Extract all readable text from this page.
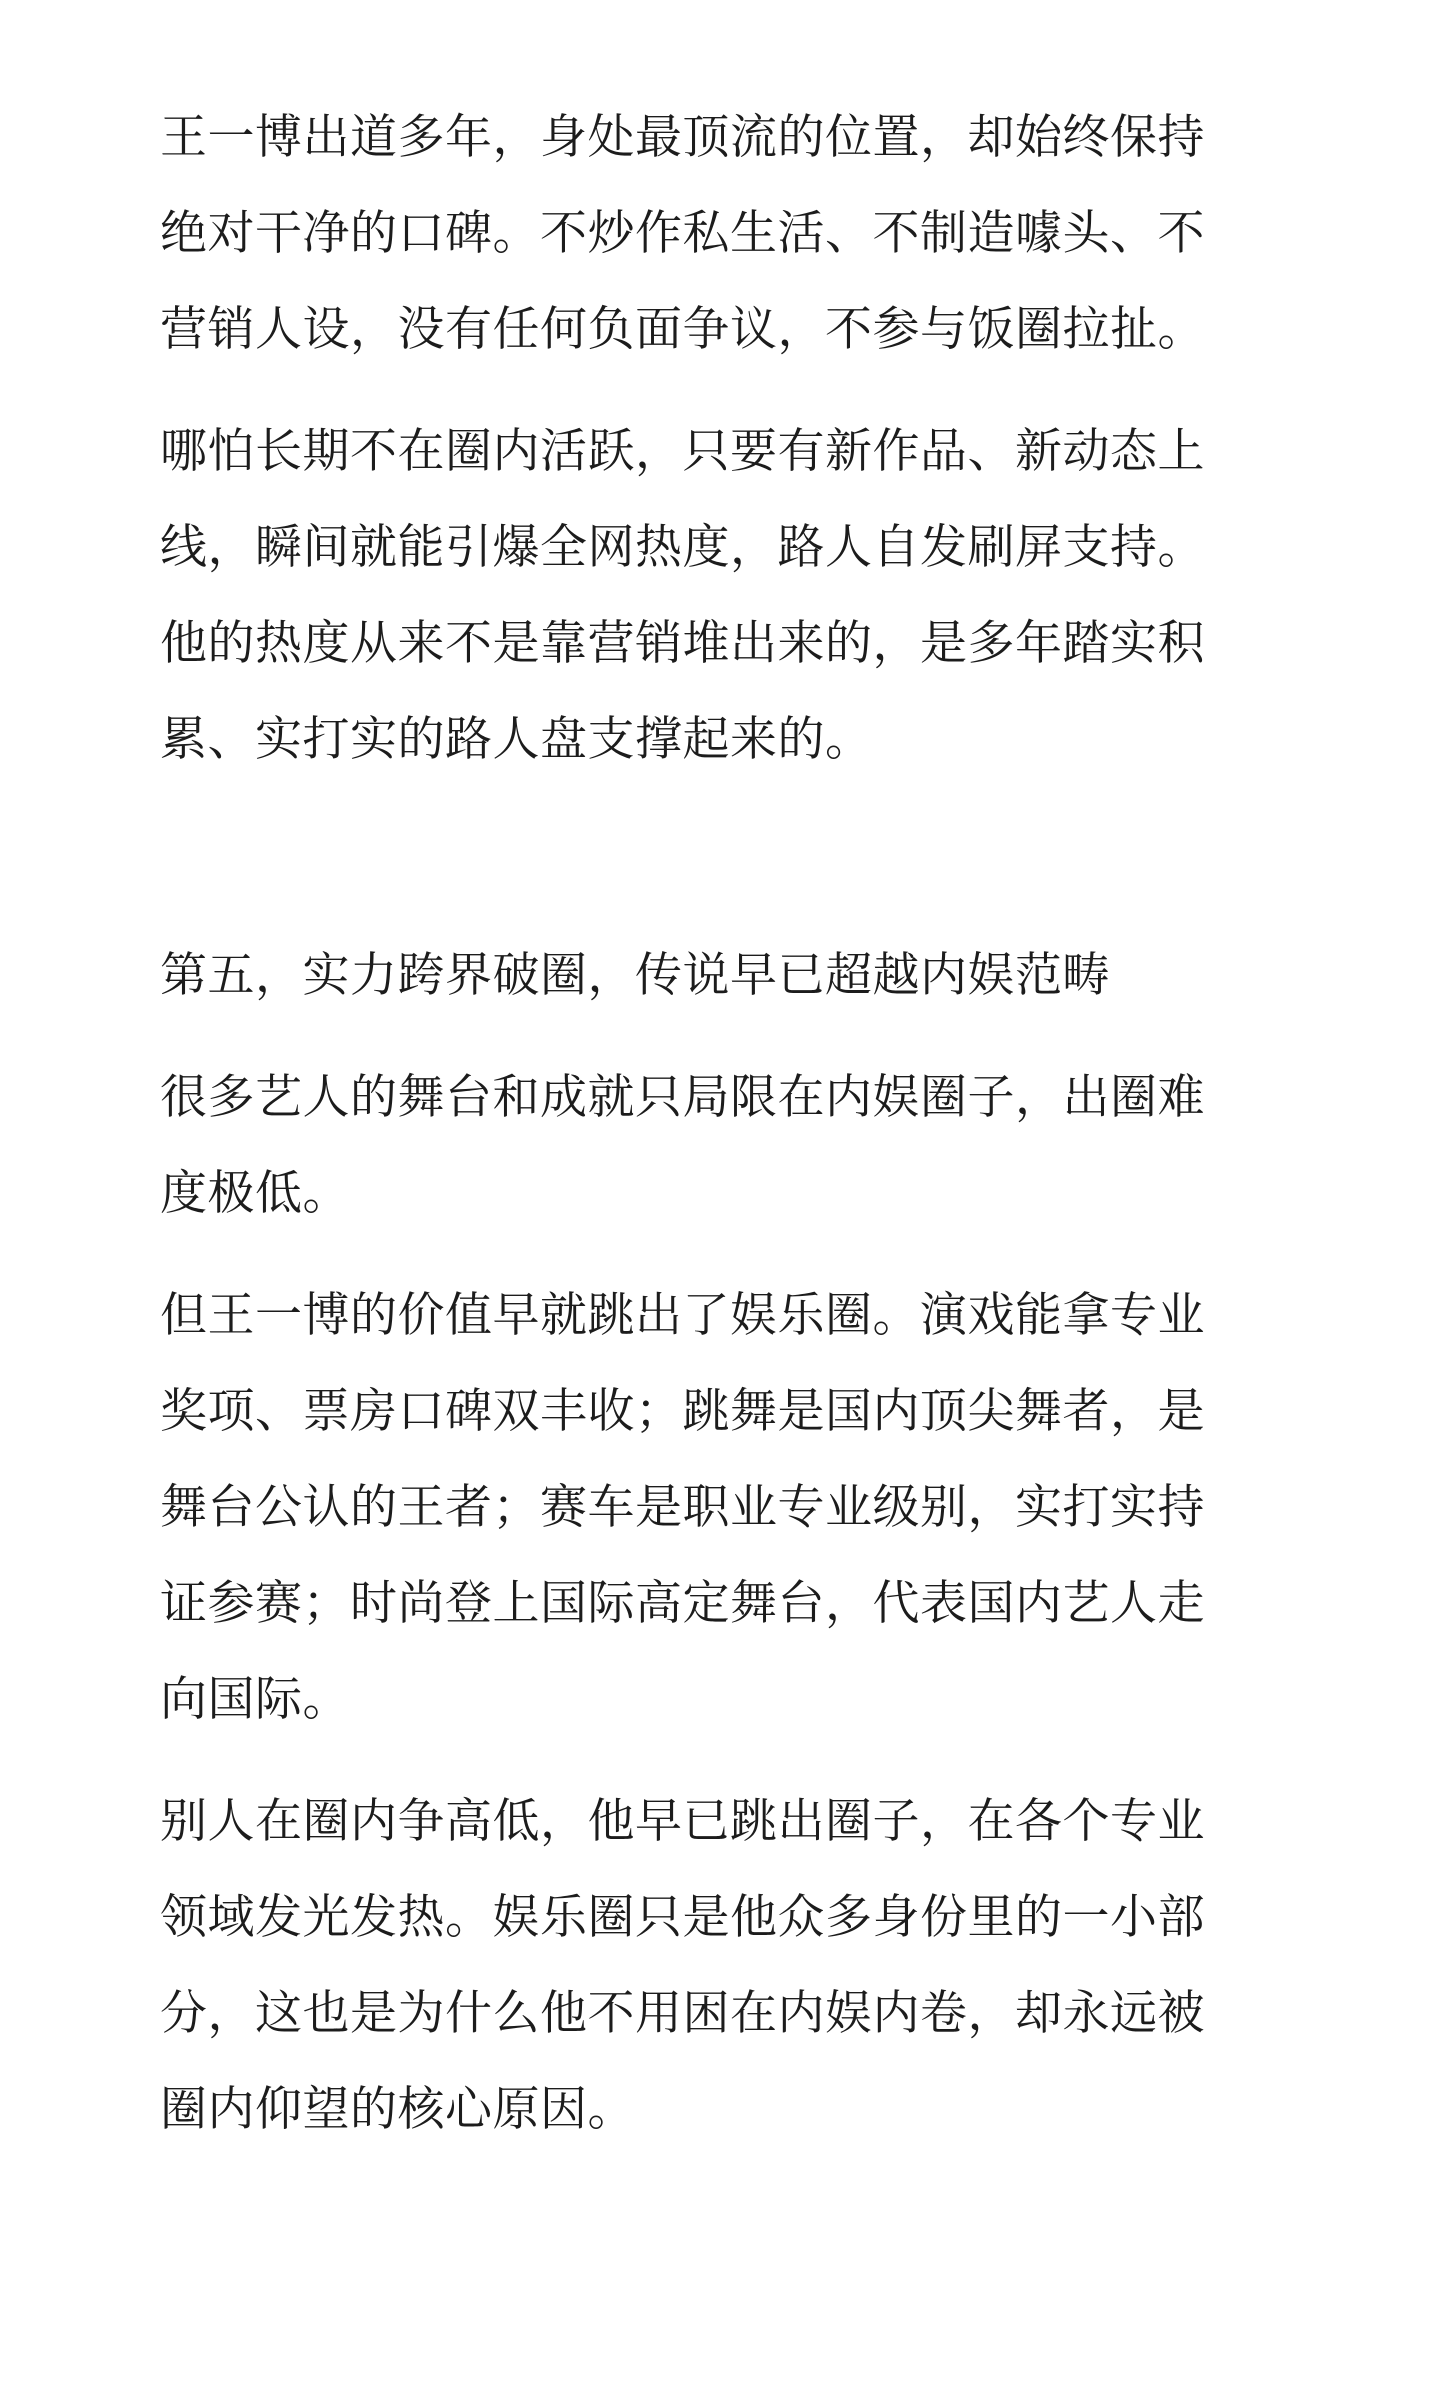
王一博出道多年，身处最顶流的位置，却始终保持
绝对干净的口碑。不炒作私生活、不制造噱头、不
营销人设，没有任何负面争议，不参与饭圈拉扯。

哪怕长期不在圈内活跃，只要有新作品、新动态上
线，瞬间就能引爆全网热度，路人自发刷屏支持。
他的热度从来不是靠营销堆出来的，是多年踏实积
累、实打实的路人盘支撑起来的。

第五，实力跨界破圈，传说早已超越内娱范畴

很多艺人的舞台和成就只局限在内娱圈子，出圈难
度极低。

但王一博的价值早就跳出了娱乐圈。演戏能拿专业
奖项、票房口碑双丰收；跳舞是国内顶尖舞者，是
舞台公认的王者；赛车是职业专业级别，实打实持
证参赛；时尚登上国际高定舞台，代表国内艺人走
向国际。

别人在圈内争高低，他早已跳出圈子，在各个专业
领域发光发热。娱乐圈只是他众多身份里的一小部
分，这也是为什么他不用困在内娱内卷，却永远被
圈内仰望的核心原因。
